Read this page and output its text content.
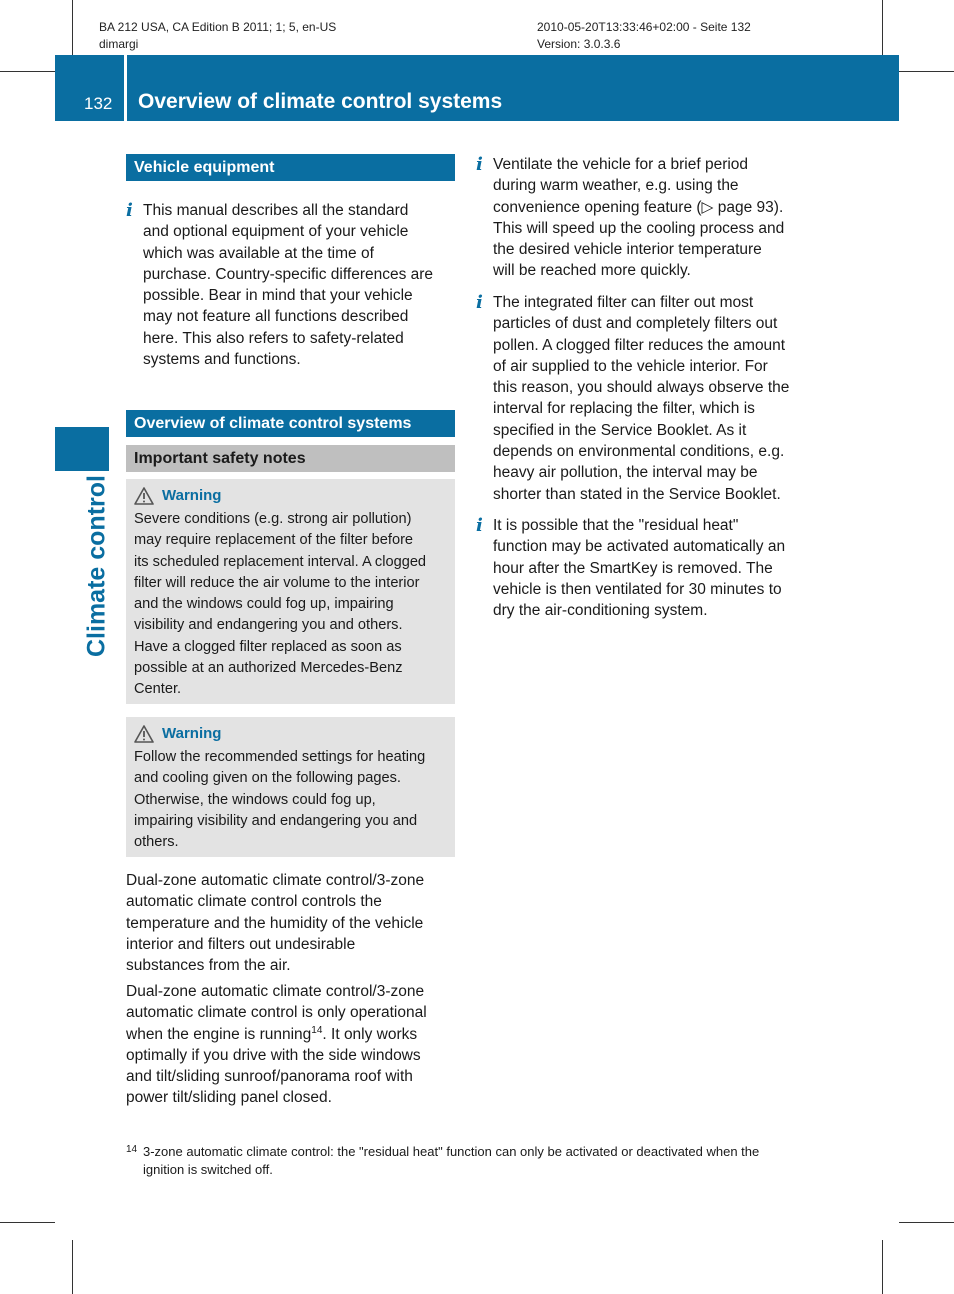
BA 212 USA, CA Edition B 2011; 1; 5, en-US
dimargi
2010-05-20T13:33:46+02:00 - Seite 132
Version: 3.0.3.6
132 Overview of climate control systems
Climate control
Vehicle equipment
i This manual describes all the standard
and optional equipment of your vehicle
which was available at the time of
purchase. Country-specific differences are
possible. Bear in mind that your vehicle
may not feature all functions described
here. This also refers to safety-related
systems and functions.
Overview of climate control systems
Important safety notes
Warning
Severe conditions (e.g. strong air pollution)
may require replacement of the filter before
its scheduled replacement interval. A clogged
filter will reduce the air volume to the interior
and the windows could fog up, impairing
visibility and endangering you and others.
Have a clogged filter replaced as soon as
possible at an authorized Mercedes-Benz
Center.
Warning
Follow the recommended settings for heating
and cooling given on the following pages.
Otherwise, the windows could fog up,
impairing visibility and endangering you and
others.
Dual-zone automatic climate control/3-zone
automatic climate control controls the
temperature and the humidity of the vehicle
interior and filters out undesirable
substances from the air.
Dual-zone automatic climate control/3-zone
automatic climate control is only operational
when the engine is running$^{14}$. It only works
optimally if you drive with the side windows
and tilt/sliding sunroof/panorama roof with
power tilt/sliding panel closed.
i Ventilate the vehicle for a brief period
during warm weather, e.g. using the
convenience opening feature (▷ page 93).
This will speed up the cooling process and
the desired vehicle interior temperature
will be reached more quickly.
i The integrated filter can filter out most
particles of dust and completely filters out
pollen. A clogged filter reduces the amount
of air supplied to the vehicle interior. For
this reason, you should always observe the
interval for replacing the filter, which is
specified in the Service Booklet. As it
depends on environmental conditions, e.g.
heavy air pollution, the interval may be
shorter than stated in the Service Booklet.
i It is possible that the "residual heat"
function may be activated automatically an
hour after the SmartKey is removed. The
vehicle is then ventilated for 30 minutes to
dry the air-conditioning system.
14 3-zone automatic climate control: the "residual heat" function can only be activated or deactivated when the
ignition is switched off.
